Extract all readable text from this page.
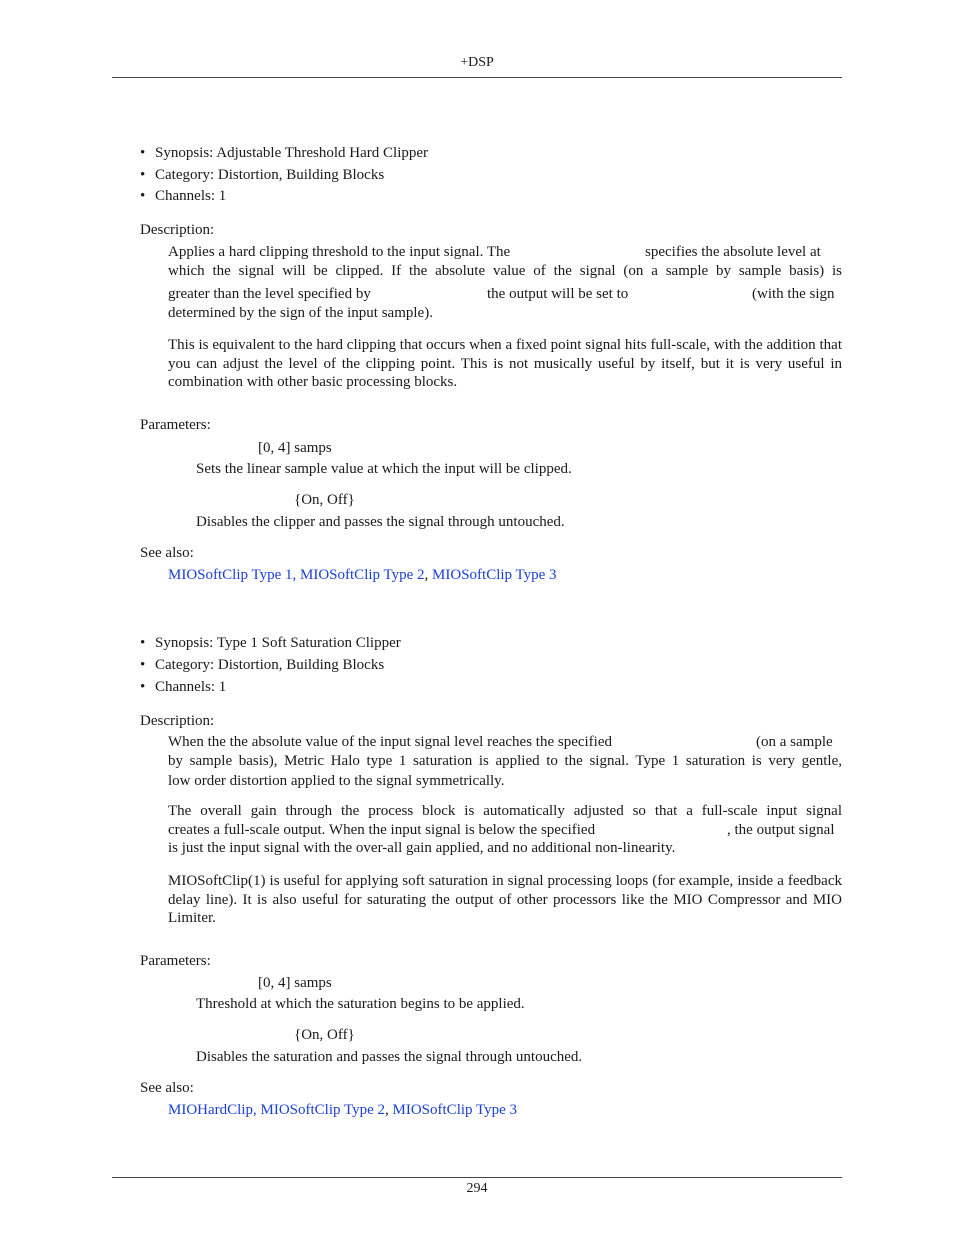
+DSP
Synopsis: Adjustable Threshold Hard Clipper
Category: Distortion, Building Blocks
Channels: 1
Description:
Applies a hard clipping threshold to the input signal. The	specifies the absolute level at
which the signal will be clipped. If the absolute value of the signal (on a sample by sample basis) is
greater than the level specified by	the output will be set to	(with the sign
determined by the sign of the input sample).
This is equivalent to the hard clipping that occurs when a fixed point signal hits full-scale, with the addition that you can adjust the level of the clipping point. This is not musically useful by itself, but it is very useful in combination with other basic processing blocks.
Parameters:
[0, 4] samps
Sets the linear sample value at which the input will be clipped.
{On, Off}
Disables the clipper and passes the signal through untouched.
See also:
MIOSoftClip Type 1, MIOSoftClip Type 2, MIOSoftClip Type 3
Synopsis: Type 1 Soft Saturation Clipper
Category: Distortion, Building Blocks
Channels: 1
Description:
When the the absolute value of the input signal level reaches the specified	(on a sample
by sample basis), Metric Halo type 1 saturation is applied to the signal. Type 1 saturation is very gentle,
low order distortion applied to the signal symmetrically.
The overall gain through the process block is automatically adjusted so that a full-scale input signal
creates a full-scale output. When the input signal is below the specified	, the output signal
is just the input signal with the over-all gain applied, and no additional non-linearity.
MIOSoftClip(1) is useful for applying soft saturation in signal processing loops (for example, inside a feedback delay line). It is also useful for saturating the output of other processors like the MIO Compressor and MIO Limiter.
Parameters:
[0, 4] samps
Threshold at which the saturation begins to be applied.
{On, Off}
Disables the saturation and passes the signal through untouched.
See also:
MIOHardClip, MIOSoftClip Type 2, MIOSoftClip Type 3
294
